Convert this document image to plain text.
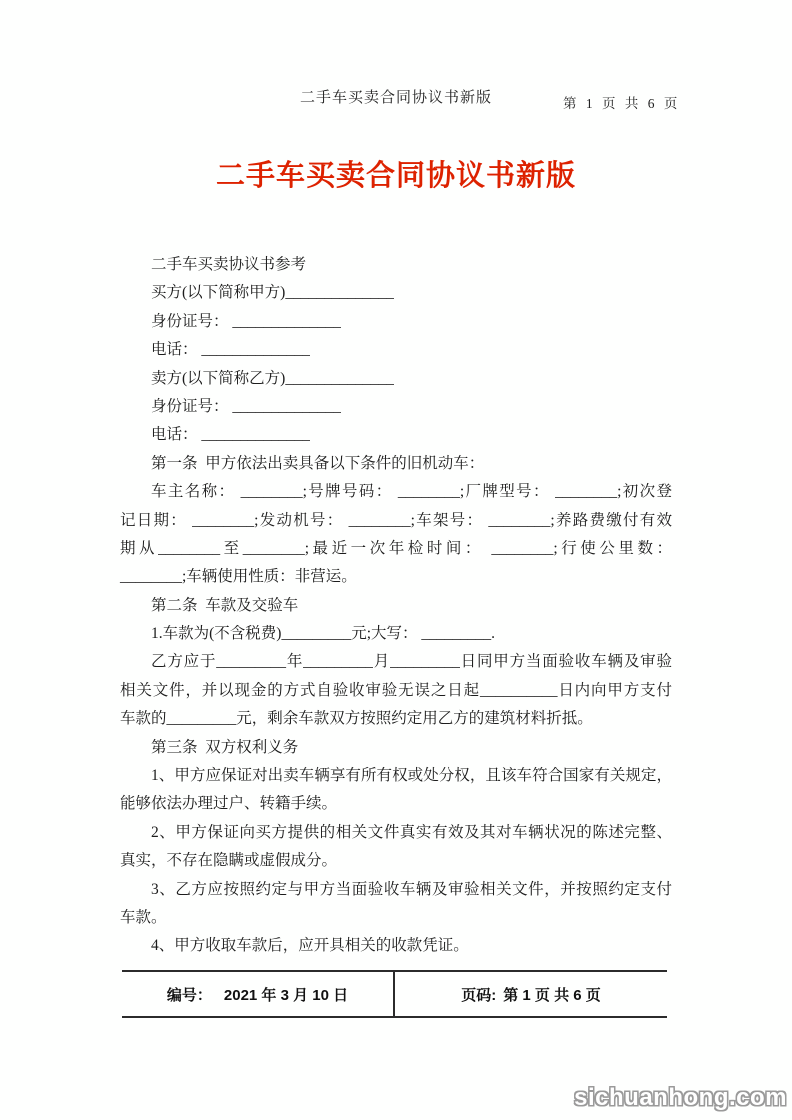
二手车买卖合同协议书新版	第 1 页 共 6 页
二手车买卖合同协议书新版
二手车买卖协议书参考
买方(以下简称甲方)______________
身份证号： ______________
电话： ______________
卖方(以下简称乙方)______________
身份证号： ______________
电话： ______________
第一条  甲方依法出卖具备以下条件的旧机动车：
车主名称： ________;号牌号码： ________;厂牌型号： ________;初次登
记日期： ________;发动机号： ________;车架号： ________;养路费缴付有效
期从________至________;最近一次年检时间： ________;行使公里数：
________;车辆使用性质：非营运。
第二条  车款及交验车
1.车款为(不含税费)_________元;大写： _________.
乙方应于_________年_________月_________日同甲方当面验收车辆及审验
相关文件，并以现金的方式自验收审验无误之日起__________日内向甲方支付
车款的_________元，剩余车款双方按照约定用乙方的建筑材料折抵。
第三条  双方权利义务
1、甲方应保证对出卖车辆享有所有权或处分权，且该车符合国家有关规定，
能够依法办理过户、转籍手续。
2、甲方保证向买方提供的相关文件真实有效及其对车辆状况的陈述完整、
真实，不存在隐瞒或虚假成分。
3、乙方应按照约定与甲方当面验收车辆及审验相关文件，并按照约定支付
车款。
4、甲方收取车款后，应开具相关的收款凭证。
编号： 2021 年 3 月 10 日	页码: 第 1 页 共 6 页
sichuanhong.com
